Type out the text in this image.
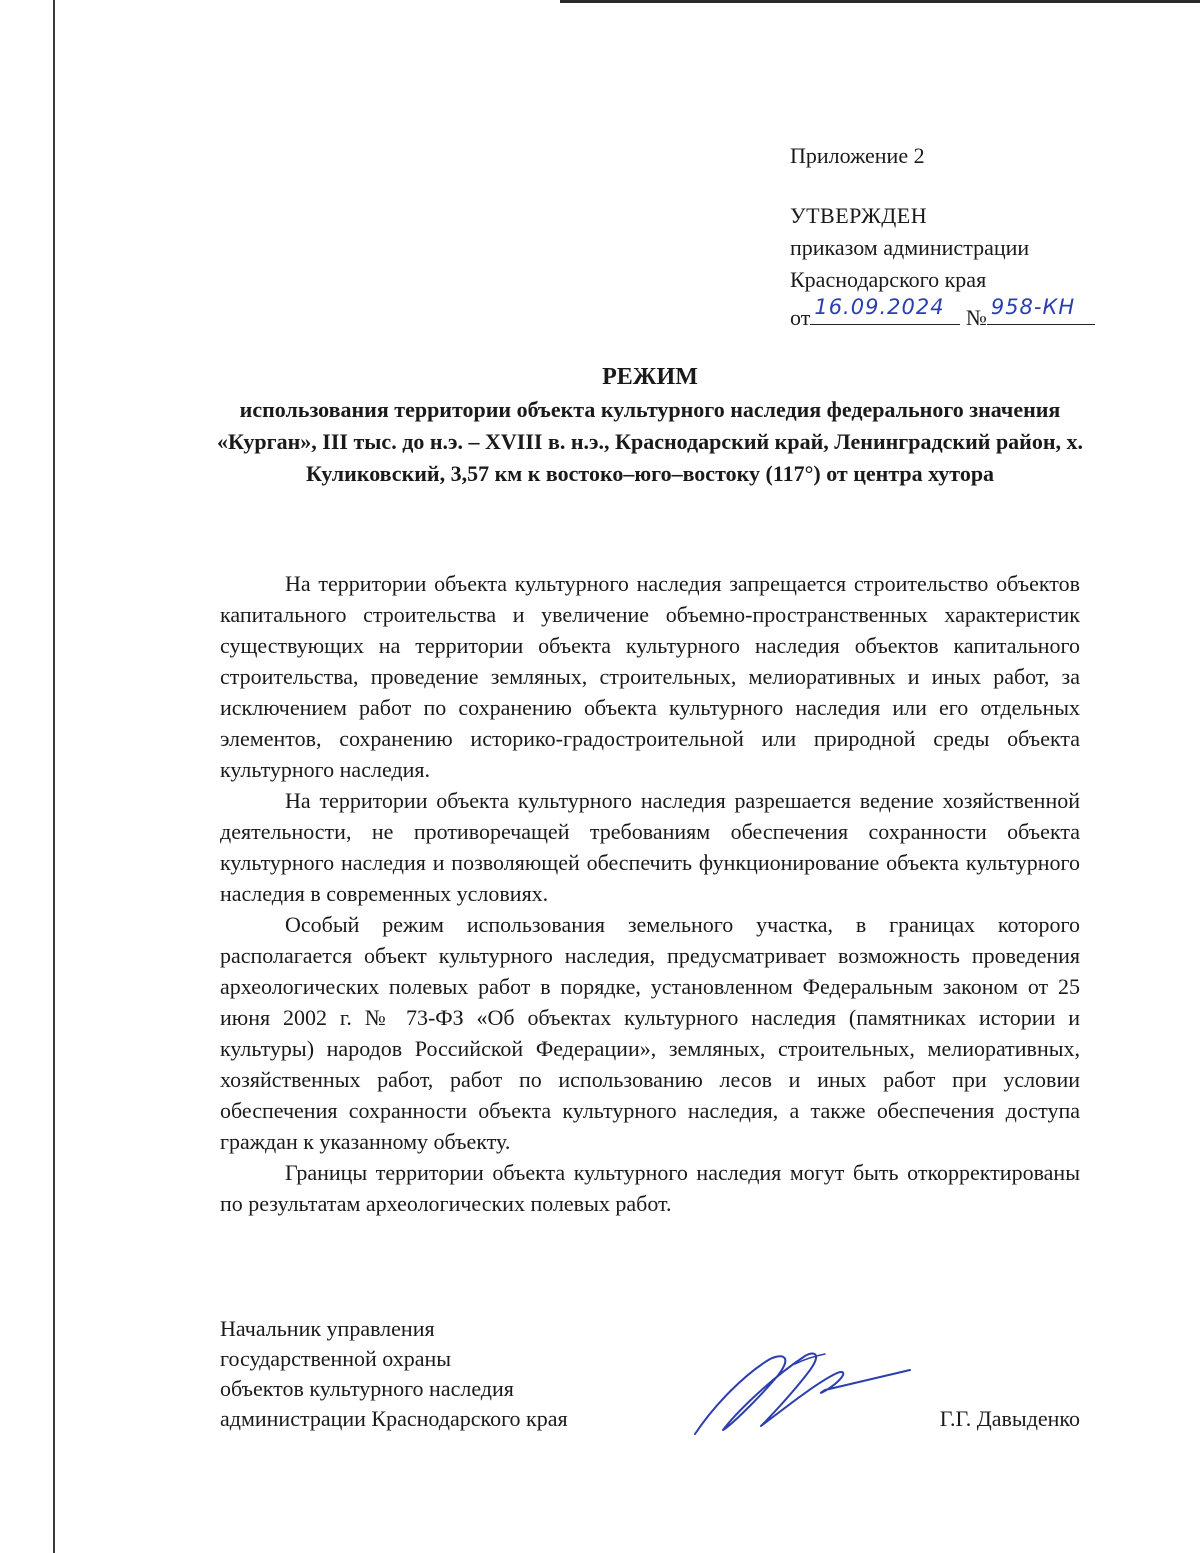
Приложение 2
УТВЕРЖДЕН
приказом администрации
Краснодарского края
от 16.09.2024 № 958-КН
РЕЖИМ
использования территории объекта культурного наследия федерального значения «Курган», III тыс. до н.э. – XVIII в. н.э., Краснодарский край, Ленинградский район, х. Куликовский, 3,57 км к востоко–юго–востоку (117°) от центра хутора

На территории объекта культурного наследия запрещается строительство объектов капитального строительства и увеличение объемно-пространственных характеристик существующих на территории объекта культурного наследия объектов капитального строительства, проведение земляных, строительных, мелиоративных и иных работ, за исключением работ по сохранению объекта культурного наследия или его отдельных элементов, сохранению историко-градостроительной или природной среды объекта культурного наследия.

На территории объекта культурного наследия разрешается ведение хозяйственной деятельности, не противоречащей требованиям обеспечения сохранности объекта культурного наследия и позволяющей обеспечить функционирование объекта культурного наследия в современных условиях.

Особый режим использования земельного участка, в границах которого располагается объект культурного наследия, предусматривает возможность проведения археологических полевых работ в порядке, установленном Федеральным законом от 25 июня 2002 г. № 73-ФЗ «Об объектах культурного наследия (памятниках истории и культуры) народов Российской Федерации», земляных, строительных, мелиоративных, хозяйственных работ, работ по использованию лесов и иных работ при условии обеспечения сохранности объекта культурного наследия, а также обеспечения доступа граждан к указанному объекту.

Границы территории объекта культурного наследия могут быть откорректированы по результатам археологических полевых работ.

Начальник управления
государственной охраны
объектов культурного наследия
администрации Краснодарского края	Г.Г. Давыденко
